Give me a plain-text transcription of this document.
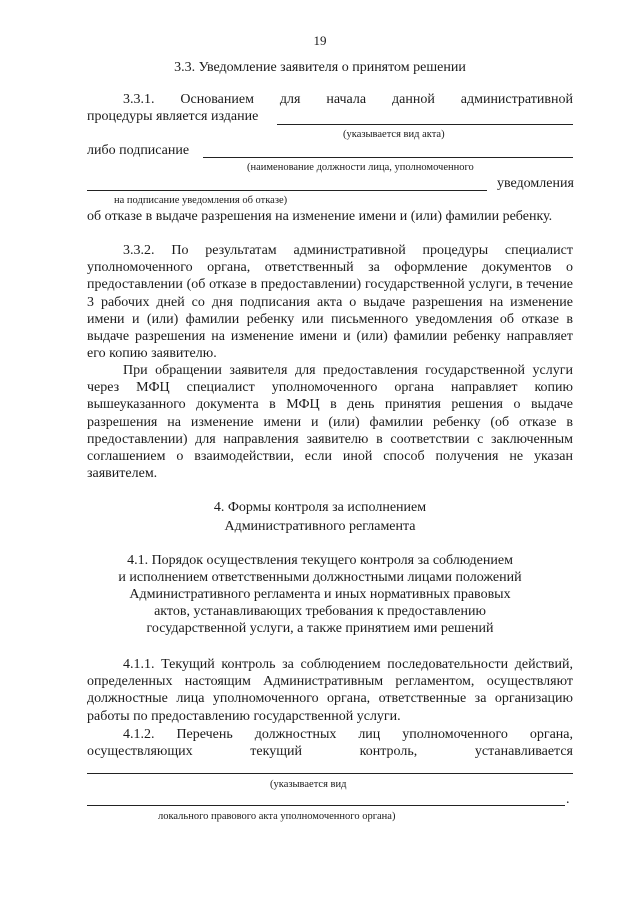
19
3.3. Уведомление заявителя о принятом решении
3.3.1. Основанием для начала данной административной
процедуры является издание
(указывается вид акта)
либо подписание
(наименование должности лица, уполномоченного
уведомления
на подписание уведомления об отказе)
об отказе в выдаче разрешения на изменение имени и (или) фамилии ребенку.
3.3.2. По результатам административной процедуры специалист уполномоченного органа, ответственный за оформление документов о предоставлении (об отказе в предоставлении) государственной услуги, в течение 3 рабочих дней со дня подписания акта о выдаче разрешения на изменение имени и (или) фамилии ребенку или письменного уведомления об отказе в выдаче разрешения на изменение имени и (или) фамилии ребенку направляет его копию заявителю.
При обращении заявителя для предоставления государственной услуги через МФЦ специалист уполномоченного органа направляет копию вышеуказанного документа в МФЦ в день принятия решения о выдаче разрешения на изменение имени и (или) фамилии ребенку (об отказе в предоставлении) для направления заявителю в соответствии с заключенным соглашением о взаимодействии, если иной способ получения не указан заявителем.
4. Формы контроля за исполнением
Административного регламента
4.1. Порядок осуществления текущего контроля за соблюдением
и исполнением ответственными должностными лицами положений
Административного регламента и иных нормативных правовых
актов, устанавливающих требования к предоставлению
государственной услуги, а также принятием ими решений
4.1.1. Текущий контроль за соблюдением последовательности действий, определенных настоящим Административным регламентом, осуществляют должностные лица уполномоченного органа, ответственные за организацию работы по предоставлению государственной услуги.
4.1.2. Перечень должностных лиц уполномоченного органа,
осуществляющих	текущий	контроль,	устанавливается
(указывается вид
.
локального правового акта уполномоченного органа)
